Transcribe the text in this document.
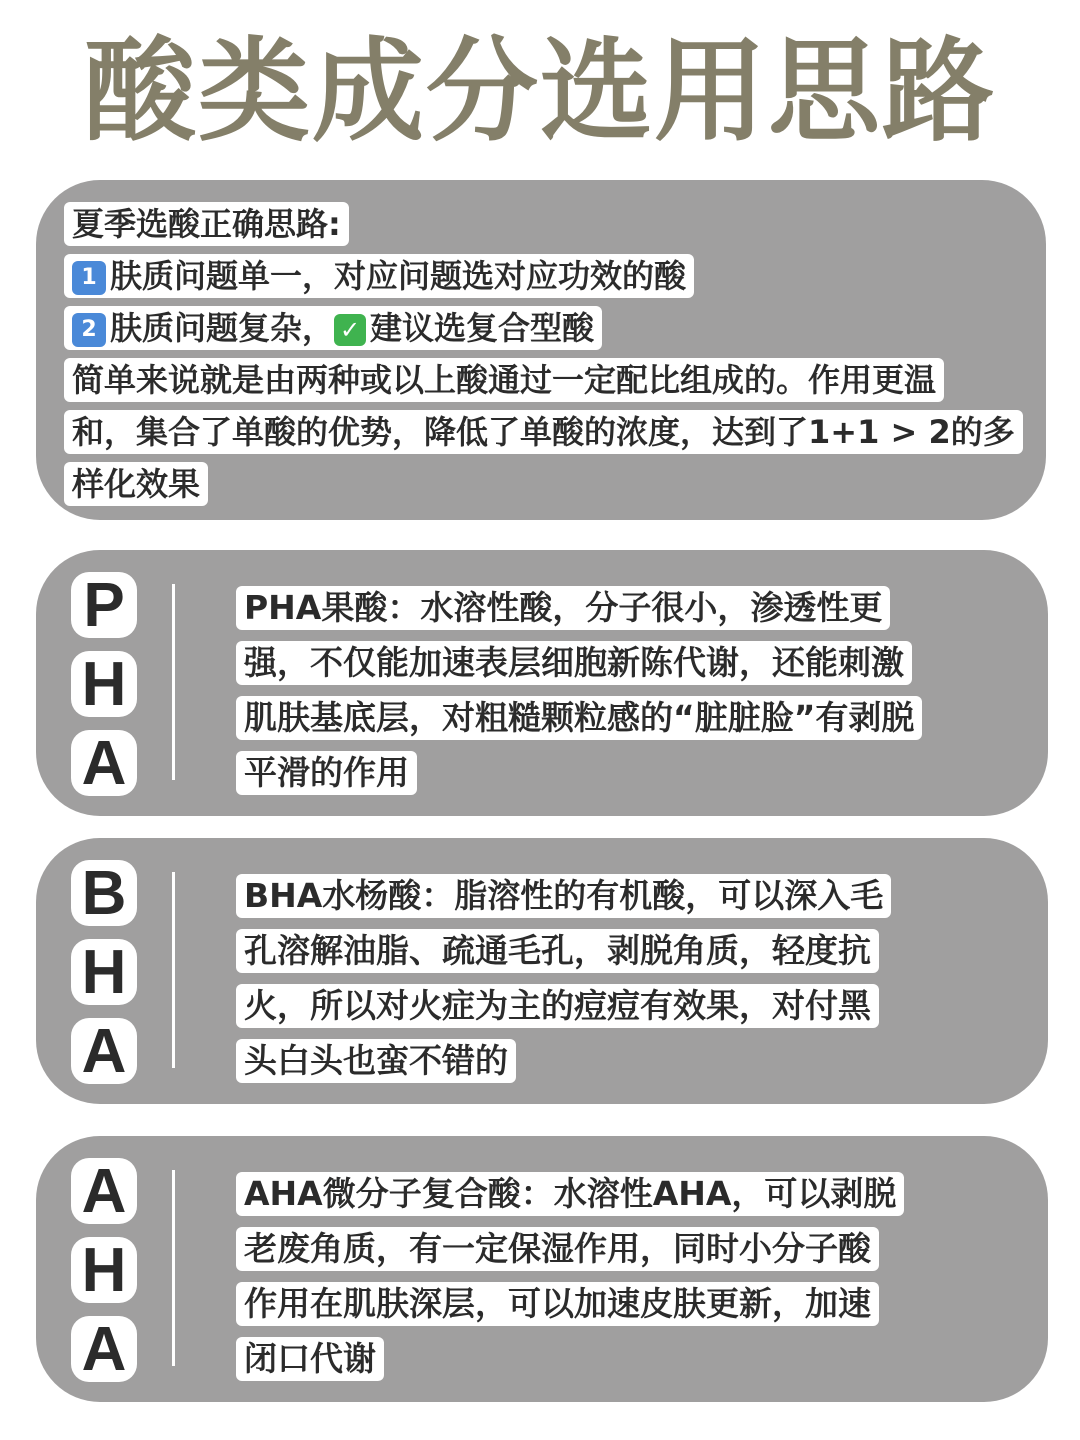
酸类成分选用思路
夏季选酸正确思路:
1 肤质问题单一，对应问题选对应功效的酸
2 肤质问题复杂， ✓ 建议选复合型酸
简单来说就是由两种或以上酸通过一定配比组成的。作用更温
和，集合了单酸的优势，降低了单酸的浓度，达到了1+1 > 2的多
样化效果
P
H
A
PHA果酸：水溶性酸，分子很小，渗透性更
强，不仅能加速表层细胞新陈代谢，还能刺激
肌肤基底层，对粗糙颗粒感的“脏脏脸”有剥脱
平滑的作用
B
H
A
BHA水杨酸：脂溶性的有机酸，可以深入毛
孔溶解油脂、疏通毛孔，剥脱角质，轻度抗
火，所以对火症为主的痘痘有效果，对付黑
头白头也蛮不错的
A
H
A
AHA微分子复合酸：水溶性AHA，可以剥脱
老废角质，有一定保湿作用，同时小分子酸
作用在肌肤深层，可以加速皮肤更新，加速
闭口代谢
